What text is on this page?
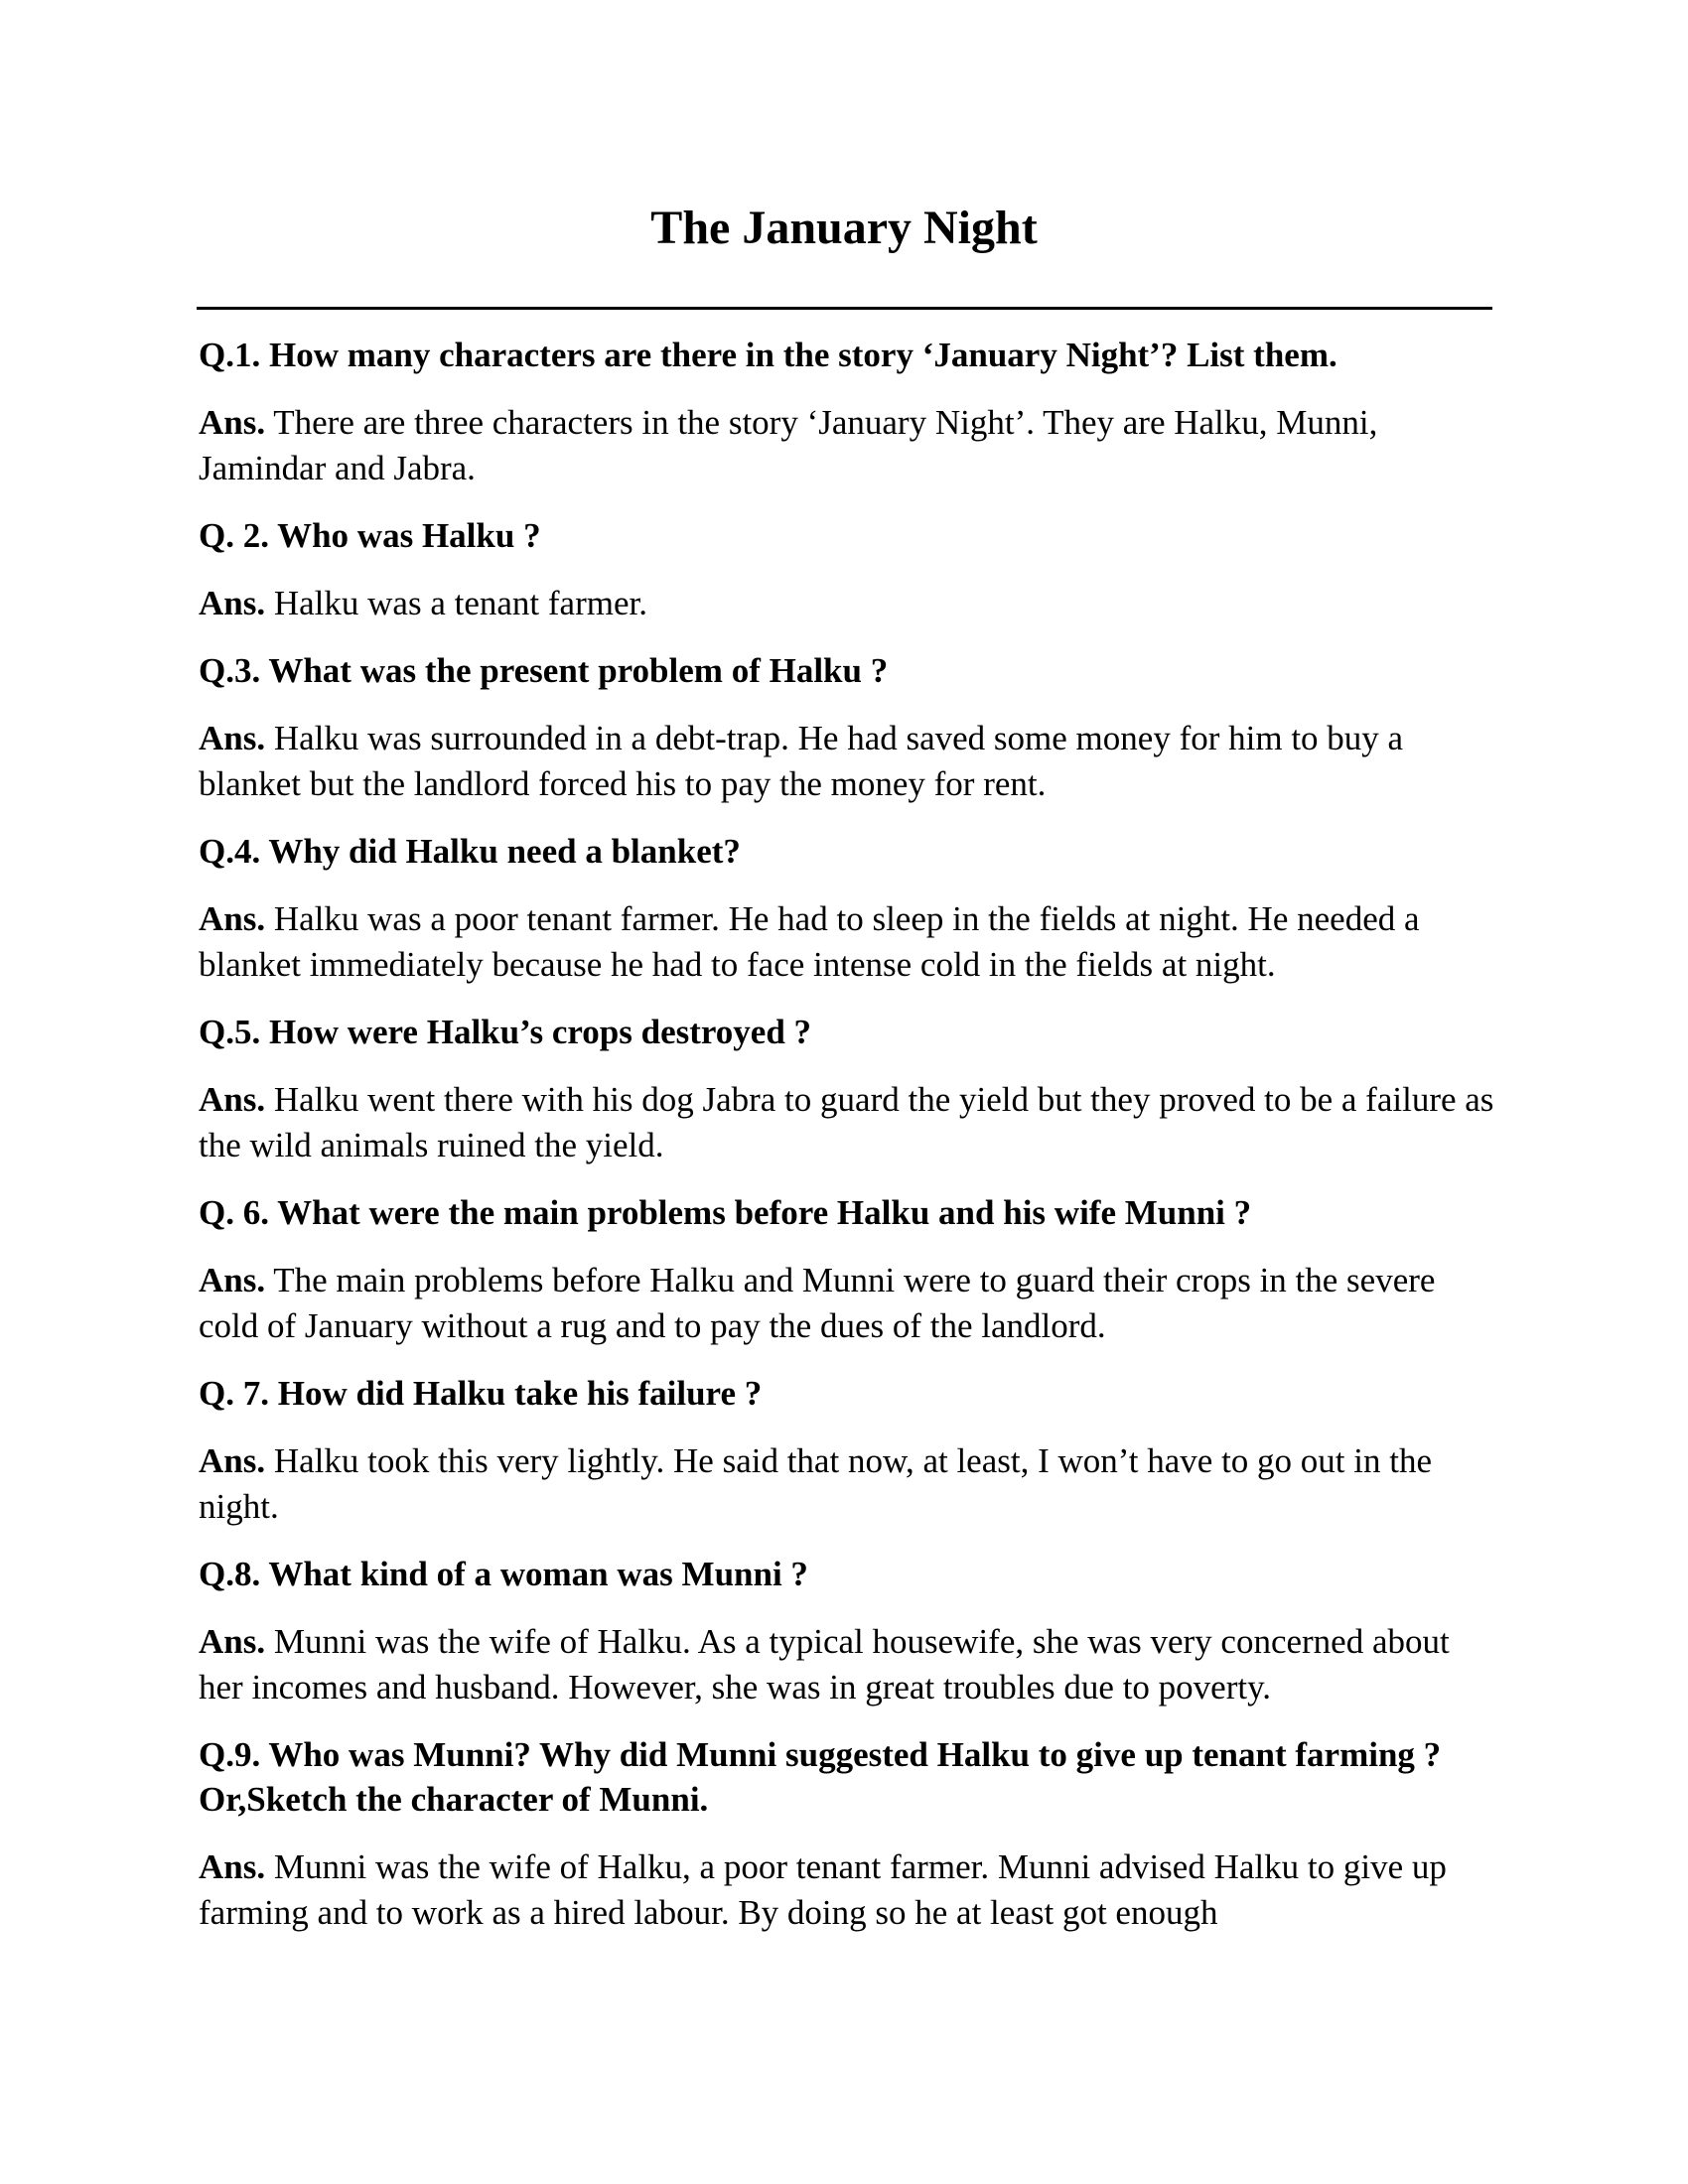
The January Night

Q.1. How many characters are there in the story ‘January Night’? List them.

Ans. There are three characters in the story ‘January Night’. They are Halku, Munni, Jamindar and Jabra.

Q. 2. Who was Halku ?

Ans. Halku was a tenant farmer.

Q.3. What was the present problem of Halku ?

Ans. Halku was surrounded in a debt-trap. He had saved some money for him to buy a blanket but the landlord forced his to pay the money for rent.

Q.4. Why did Halku need a blanket?

Ans. Halku was a poor tenant farmer. He had to sleep in the fields at night. He needed a blanket immediately because he had to face intense cold in the fields at night.

Q.5. How were Halku’s crops destroyed ?

Ans. Halku went there with his dog Jabra to guard the yield but they proved to be a failure as the wild animals ruined the yield.

Q. 6. What were the main problems before Halku and his wife Munni ?

Ans. The main problems before Halku and Munni were to guard their crops in the severe cold of January without a rug and to pay the dues of the landlord.

Q. 7. How did Halku take his failure ?

Ans. Halku took this very lightly. He said that now, at least, I won’t have to go out in the night.

Q.8. What kind of a woman was Munni ?

Ans. Munni was the wife of Halku. As a typical housewife, she was very concerned about her incomes and husband. However, she was in great troubles due to poverty.

Q.9. Who was Munni? Why did Munni suggested Halku to give up tenant farming ? Or,Sketch the character of Munni.

Ans. Munni was the wife of Halku, a poor tenant farmer. Munni advised Halku to give up farming and to work as a hired labour. By doing so he at least got enough
